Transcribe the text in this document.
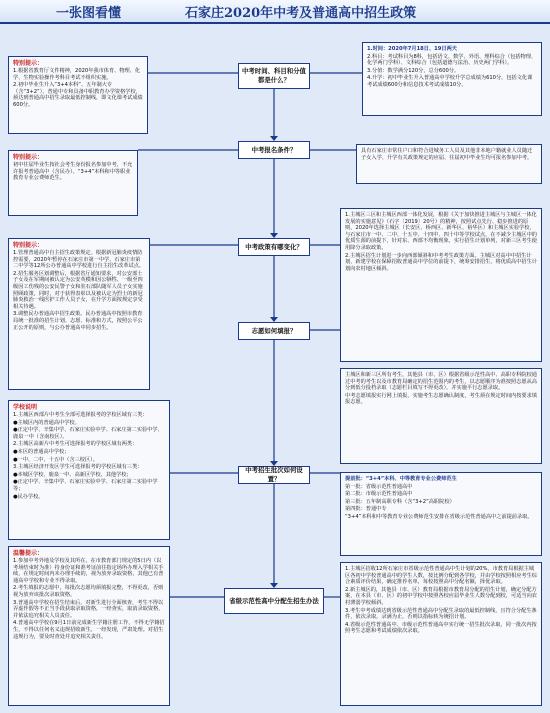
一张图看懂	石家庄2020年中考及普通高中招生政策
中考时间、科目和分值都是什么？
中考报名条件？
中考政策有哪变化？
志愿如何填报？
中考招生批次如何设置？
省级示范性高中分配生招生办法
特别提示：

1.根据省教育厅文件精神，2020年我市体育、物理、化学、生物实验操作考科目考试不组织实施。

2.初中毕业生升入“3+4本科”、五年制大专（含“3+2”）、普通中专和具备中职教育办学资格学校，须达到普通高中招生录取最低控制线，即文化课考试成绩600分。

特别提示：

初中往届毕业生按社会考生身份报名参加中考，不允许报考普通高中（含民办）、“3+4”本科和中等职业教育专业公费师范生。

特别提示：

1.管理普通高中自主招生政策规定。根据新冠肺炎疫情防控需要，2020年暂停在石家庄市第一中学、石家庄市第二中学等12所公办普通高中学校进行自主招生改革试点。

2.招生服务区划调整后，根据省厅通知要求，对公安部士子女及在军期间被认定为公安英模和因公牺牲、一级至四级因工伤残的公安民警子女和驻石部队随军人员子女实施照顾政策，同时，对于获得表彰以及被认定为烈士的新冠肺炎救治一线医护工作人员子女，在升学方面按规定享受相关待遇。

3.调整民办普通高中招生政策。民办普通高中按照市教育局统一批准的招生计划、志愿、标准和方式，按照公平公正公开的原则，与公办普通高中同步招生。

学校说明

1.主城区西部片中考生全部可选择报考的学校区域有三类：

●主城区内的普通高中学校。

●正定中学、辛集中学、石家庄实验中学、石家庄第二实验中学、鹿泉一中（含南校区）。

2.主城区高新片中考生可选择报考的学校区域有两类：

●本区的普通高中学校；

●一中、二中、十五中（含三校区）。

3.主城区经济开发区学生可选择报考的学校区域有三类：

●本城区学校、鹿泉一中、高新区学校、其他学校；

●正定中学、辛集中学、石家庄实验中学、石家庄第二实验中学等；

●民办学校。

温馨提示：

1.参加中考外地及学校及其所在，在市教育部门规定的5日内（以考场结束时为准）持身份证和准考证前往指定场所办理入学相关手续，在规定时间内未办理手续的，视为放弃录取资格，其他已有普通高中学校和专业不得录取。

2.考生填报的志愿中，每批次志愿均须填报完整，不得更改，否则视为放弃该批次录取资格。

3.普通高中学校在招生结束后，对新生进行全面核查，考生不得以弄虚作假等不正当手段获取录取资格，一经查实，取消录取资格，并依法追究相关人员责任。

4.普通高中学校在9月1日前完成新生学籍注册工作，不得无学籍招生，不得以任何名义违规招收新生，一经发现，严肃处理。对招生违规行为，要及时查处并追究相关责任。

1.时间：2020年7月18日、19日两天

2.科目：考试科目为8科，包括语文、数学、外语、理科综合（包括物理、化学两门学科）、文科综合（包括道德与法治、历史两门学科）。

3.分值：数学满分120分，总分600分。

4.升学：初中毕业生升入普通高中学校升学总成绩为610分，包括文化课考试成绩600分和信息技术考试成绩10分。

具有石家庄市常住户口和符合进城务工人员及其他非本地户籍就业人员随迁子女入学、升学有关政策规定的应届、往届初中毕业生均可报名参加中考。

1.主城区三区和主城区西部一体化发展，根据《关于加快推进主城区与主城区一体化发展的实施意见》（石字〔2019〕20号）的精神，按照试点先行、稳步推进的原则，2020年选择主城区（长安区、桥西区、新华区、裕华区）和主城区实验学校，与石家庄市一中、二中、十五中、十四中、四十中等学校试点，在不减少主城区中的优质生源的前提下，针对东、西部不均衡现象，实行招生计划单列，对新三区考生使用降分录取政策。

2.主城区招生计划进一步向西部倾斜和中考考生政策方面。主城区对高中中招生计划，新建学校在保障招收普通高中学位的前提下，统筹安排招生，将优质高中招生计划向农村地区倾斜。

主城区和新三区所有考生，其他县（市、区）根据省级示范性高中、高职专科院校通过中考的考生以及市教育局确定的招生范围内的考生，以志愿顺序为准按照志愿从高分到低分投档录取（志愿栏目填写不得更改），并实施平行志愿录取。

中考志愿填报实行网上填报，实施考生志愿确认制度，考生须在规定时间内按要求填报志愿。

提前批：“3+4”本科、中等教育专业公费师范生

第一批：省级示范性普通高中

第二批：市级示范性普通高中

第三批：五年制高职专科（含“3+2”高职院校）

第四批：普通中专

“3+4”本科和中等教育专业公费师范生安排在省级示范性普通高中之前提前录取。

1.主城区招收12所石家庄市省级示范性普通高中生计划的20%，市教育局根据主城区各初中学校普通高中的学生人数，按比例分配到各学校，并由学校按照相应考生综合素质评价结果，确定推荐名单，每校按照高中分配名额，择优录取。

2.新主城区的，其他县（市、区）教育局根据市教育局分配的招生计划，确定分配方案，在本县（市、区）的初中学校中按照各校应届毕业生人数分配到校，可适当向农村薄弱学校倾斜。

3.考生中考成绩达到省级示范性普通高中分配生录取的最低控制线，且符合分配生条件，依次录取，录满为止，否则以指标转为统招计划。

4.省级示范性普通高中、市级示范性普通高中实行统一招生批次录取，同一批次内按照考生志愿和考试成绩依次录取。
